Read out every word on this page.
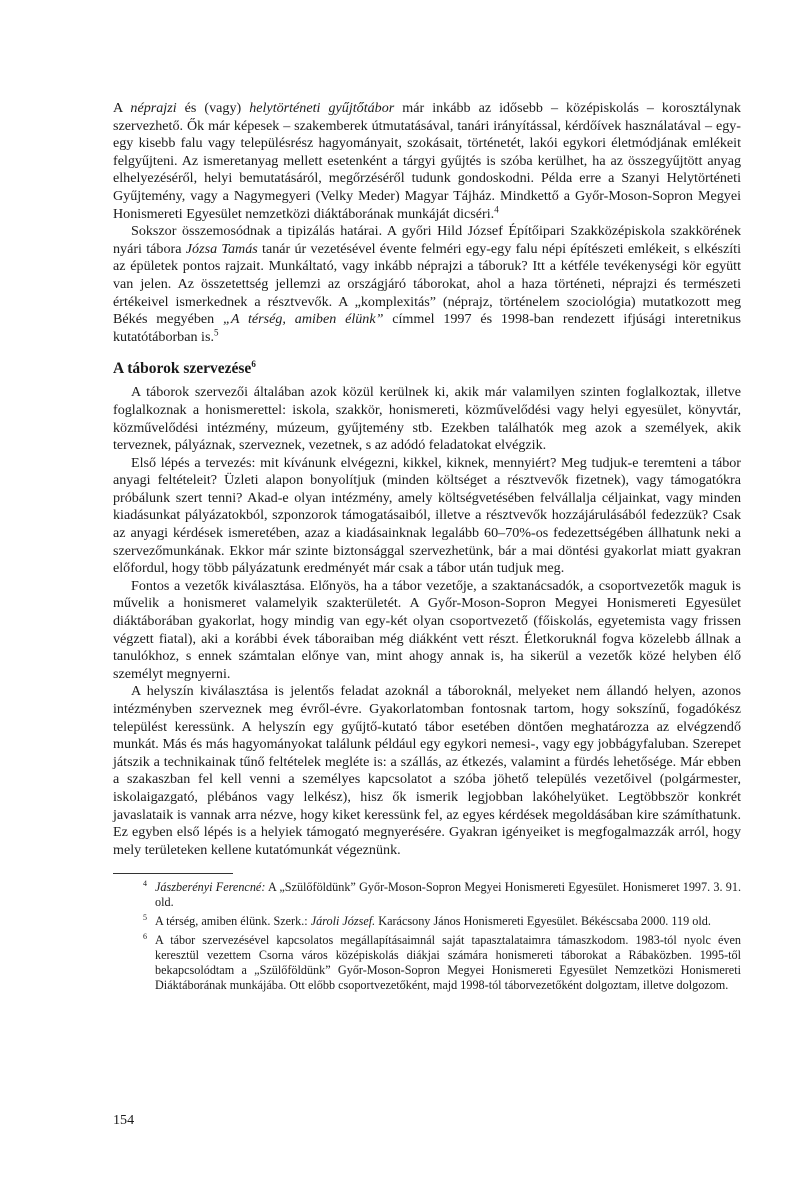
A néprajzi és (vagy) helytörténeti gyűjtőtábor már inkább az idősebb – középiskolás – korosztálynak szervezhető. Ők már képesek – szakemberek útmutatásával, tanári irányítással, kérdőívek használatával – egy-egy kisebb falu vagy településrész hagyományait, szokásait, történetét, lakói egykori életmódjának emlékeit felgyűjteni. Az ismeretanyag mellett esetenként a tárgyi gyűjtés is szóba kerülhet, ha az összegyűjtött anyag elhelyezéséről, helyi bemutatásáról, megőrzéséről tudunk gondoskodni. Példa erre a Szanyi Helytörténeti Gyűjtemény, vagy a Nagymegyeri (Velky Meder) Magyar Tájház. Mindkettő a Győr-Moson-Sopron Megyei Honismereti Egyesület nemzetközi diáktáborának munkáját dicséri.$^4$

Sokszor összemosódnak a tipizálás határai. A győri Hild József Építőipari Szakközépiskola szakkörének nyári tábora Józsa Tamás tanár úr vezetésével évente felméri egy-egy falu népi építészeti emlékeit, s elkészíti az épületek pontos rajzait. Munkáltató, vagy inkább néprajzi a táboruk? Itt a kétféle tevékenységi kör együtt van jelen. Az összetettség jellemzi az országjáró táborokat, ahol a haza történeti, néprajzi és természeti értékeivel ismerkednek a résztvevők. A „komplexitás” (néprajz, történelem szociológia) mutatkozott meg Békés megyében „A térség, amiben élünk” címmel 1997 és 1998-ban rendezett ifjúsági interetnikus kutatótáborban is.$^5$

A táborok szervezése$^6$

A táborok szervezői általában azok közül kerülnek ki, akik már valamilyen szinten foglalkoztak, illetve foglalkoznak a honismerettel: iskola, szakkör, honismereti, közművelődési vagy helyi egyesület, könyvtár, közművelődési intézmény, múzeum, gyűjtemény stb. Ezekben találhatók meg azok a személyek, akik terveznek, pályáznak, szerveznek, vezetnek, s az adódó feladatokat elvégzik.

Első lépés a tervezés: mit kívánunk elvégezni, kikkel, kiknek, mennyiért? Meg tudjuk-e teremteni a tábor anyagi feltételeit? Üzleti alapon bonyolítjuk (minden költséget a résztvevők fizetnek), vagy támogatókra próbálunk szert tenni? Akad-e olyan intézmény, amely költségvetésében felvállalja céljainkat, vagy minden kiadásunkat pályázatokból, szponzorok támogatásaiból, illetve a résztvevők hozzájárulásából fedezzük? Csak az anyagi kérdések ismeretében, azaz a kiadásainknak legalább 60–70%-os fedezettségében állhatunk neki a szervezőmunkának. Ekkor már szinte biztonsággal szervezhetünk, bár a mai döntési gyakorlat miatt gyakran előfordul, hogy több pályázatunk eredményét már csak a tábor után tudjuk meg.

Fontos a vezetők kiválasztása. Előnyös, ha a tábor vezetője, a szaktanácsadók, a csoportvezetők maguk is művelik a honismeret valamelyik szakterületét. A Győr-Moson-Sopron Megyei Honismereti Egyesület diáktáborában gyakorlat, hogy mindig van egy-két olyan csoportvezető (főiskolás, egyetemista vagy frissen végzett fiatal), aki a korábbi évek táboraiban még diákként vett részt. Életkoruknál fogva közelebb állnak a tanulókhoz, s ennek számtalan előnye van, mint ahogy annak is, ha sikerül a vezetők közé helyben élő személyt megnyerni.

A helyszín kiválasztása is jelentős feladat azoknál a táboroknál, melyeket nem állandó helyen, azonos intézményben szerveznek meg évről-évre. Gyakorlatomban fontosnak tartom, hogy sokszínű, fogadókész települést keressünk. A helyszín egy gyűjtő-kutató tábor esetében döntően meghatározza az elvégzendő munkát. Más és más hagyományokat találunk például egy egykori nemesi-, vagy egy jobbágyfaluban. Szerepet játszik a technikainak tűnő feltételek megléte is: a szállás, az étkezés, valamint a fürdés lehetősége. Már ebben a szakaszban fel kell venni a személyes kapcsolatot a szóba jöhető település vezetőivel (polgármester, iskolaigazgató, plébános vagy lelkész), hisz ők ismerik legjobban lakóhelyüket. Legtöbbször konkrét javaslataik is vannak arra nézve, hogy kiket keressünk fel, az egyes kérdések megoldásában kire számíthatunk. Ez egyben első lépés is a helyiek támogató megnyerésére. Gyakran igényeiket is megfogalmazzák arról, hogy mely területeken kellene kutatómunkát végeznünk.

4 Jászberényi Ferencné: A „Szülőföldünk” Győr-Moson-Sopron Megyei Honismereti Egyesület. Honismeret 1997. 3. 91. old.

5 A térség, amiben élünk. Szerk.: Jároli József. Karácsony János Honismereti Egyesület. Békéscsaba 2000. 119 old.

6 A tábor szervezésével kapcsolatos megállapításaimnál saját tapasztalataimra támaszkodom. 1983-tól nyolc éven keresztül vezettem Csorna város középiskolás diákjai számára honismereti táborokat a Rábaközben. 1995-től bekapcsolódtam a „Szülőföldünk” Győr-Moson-Sopron Megyei Honismereti Egyesület Nemzetközi Honismereti Diáktáborának munkájába. Ott előbb csoportvezetőként, majd 1998-tól táborvezetőként dolgoztam, illetve dolgozom.

154
